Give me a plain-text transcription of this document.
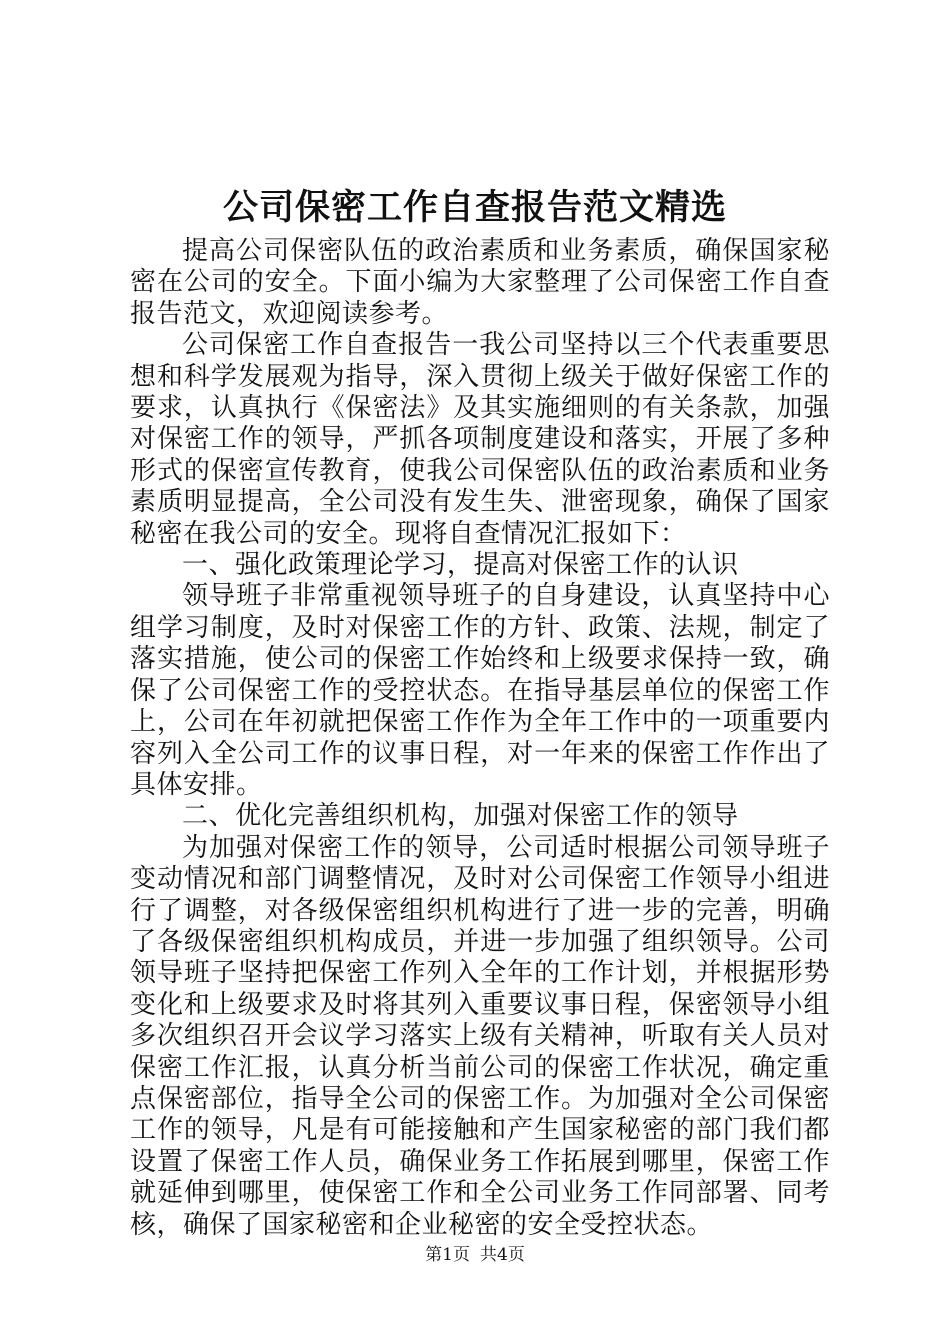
公司保密工作自查报告范文精选

提高公司保密队伍的政治素质和业务素质，确保国家秘密在公司的安全。下面小编为大家整理了公司保密工作自查报告范文，欢迎阅读参考。

公司保密工作自查报告一我公司坚持以三个代表重要思想和科学发展观为指导，深入贯彻上级关于做好保密工作的要求，认真执行《保密法》及其实施细则的有关条款，加强对保密工作的领导，严抓各项制度建设和落实，开展了多种形式的保密宣传教育，使我公司保密队伍的政治素质和业务素质明显提高，全公司没有发生失、泄密现象，确保了国家秘密在我公司的安全。现将自查情况汇报如下：

一、强化政策理论学习，提高对保密工作的认识

领导班子非常重视领导班子的自身建设，认真坚持中心组学习制度，及时对保密工作的方针、政策、法规，制定了落实措施，使公司的保密工作始终和上级要求保持一致，确保了公司保密工作的受控状态。在指导基层单位的保密工作上，公司在年初就把保密工作作为全年工作中的一项重要内容列入全公司工作的议事日程，对一年来的保密工作作出了具体安排。

二、优化完善组织机构，加强对保密工作的领导

为加强对保密工作的领导，公司适时根据公司领导班子变动情况和部门调整情况，及时对公司保密工作领导小组进行了调整，对各级保密组织机构进行了进一步的完善，明确了各级保密组织机构成员，并进一步加强了组织领导。公司领导班子坚持把保密工作列入全年的工作计划，并根据形势变化和上级要求及时将其列入重要议事日程，保密领导小组多次组织召开会议学习落实上级有关精神，听取有关人员对保密工作汇报，认真分析当前公司的保密工作状况，确定重点保密部位，指导全公司的保密工作。为加强对全公司保密工作的领导，凡是有可能接触和产生国家秘密的部门我们都设置了保密工作人员，确保业务工作拓展到哪里，保密工作就延伸到哪里，使保密工作和全公司业务工作同部署、同考核，确保了国家秘密和企业秘密的安全受控状态。

第1页 共4页
